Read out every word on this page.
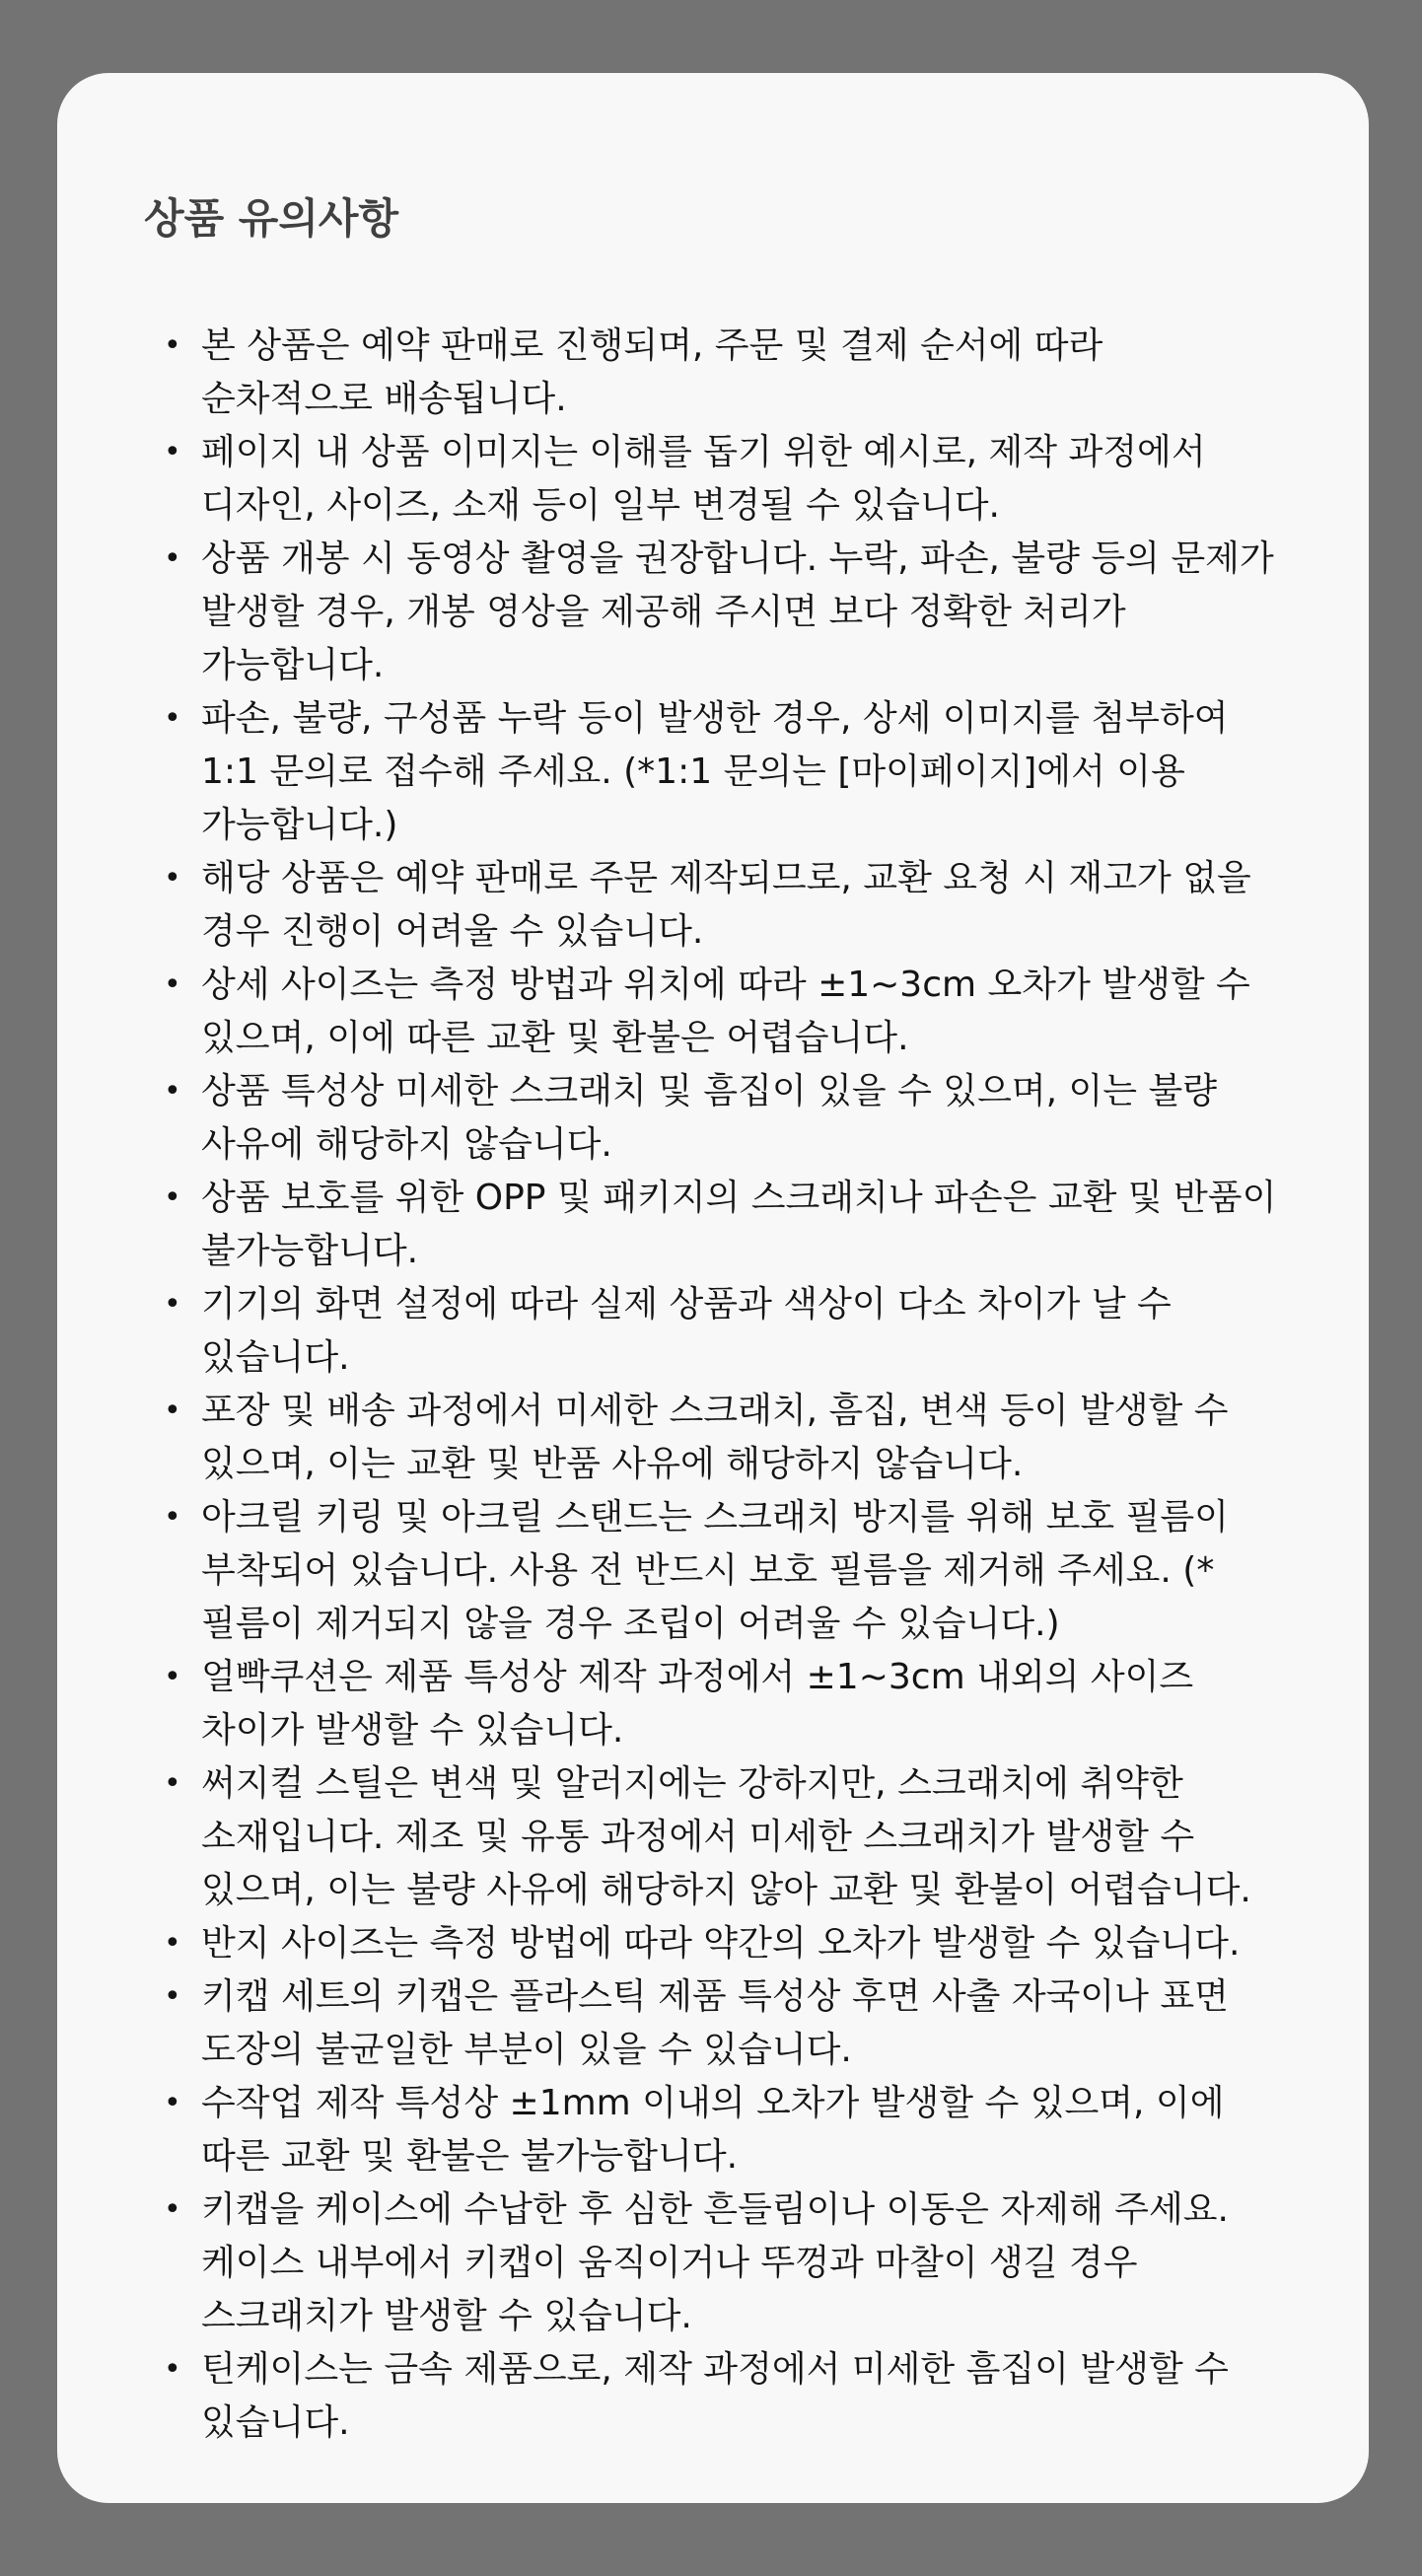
상품 유의사항
• 본 상품은 예약 판매로 진행되며, 주문 및 결제 순서에 따라 순차적으로 배송됩니다.
• 페이지 내 상품 이미지는 이해를 돕기 위한 예시로, 제작 과정에서 디자인, 사이즈, 소재 등이 일부 변경될 수 있습니다.
• 상품 개봉 시 동영상 촬영을 권장합니다. 누락, 파손, 불량 등의 문제가 발생할 경우, 개봉 영상을 제공해 주시면 보다 정확한 처리가 가능합니다.
• 파손, 불량, 구성품 누락 등이 발생한 경우, 상세 이미지를 첨부하여 1:1 문의로 접수해 주세요. (*1:1 문의는 [마이페이지]에서 이용 가능합니다.)
• 해당 상품은 예약 판매로 주문 제작되므로, 교환 요청 시 재고가 없을 경우 진행이 어려울 수 있습니다.
• 상세 사이즈는 측정 방법과 위치에 따라 ±1~3cm 오차가 발생할 수 있으며, 이에 따른 교환 및 환불은 어렵습니다.
• 상품 특성상 미세한 스크래치 및 흠집이 있을 수 있으며, 이는 불량 사유에 해당하지 않습니다.
• 상품 보호를 위한 OPP 및 패키지의 스크래치나 파손은 교환 및 반품이 불가능합니다.
• 기기의 화면 설정에 따라 실제 상품과 색상이 다소 차이가 날 수 있습니다.
• 포장 및 배송 과정에서 미세한 스크래치, 흠집, 변색 등이 발생할 수 있으며, 이는 교환 및 반품 사유에 해당하지 않습니다.
• 아크릴 키링 및 아크릴 스탠드는 스크래치 방지를 위해 보호 필름이 부착되어 있습니다. 사용 전 반드시 보호 필름을 제거해 주세요. (*필름이 제거되지 않을 경우 조립이 어려울 수 있습니다.)
• 얼빡쿠션은 제품 특성상 제작 과정에서 ±1~3cm 내외의 사이즈 차이가 발생할 수 있습니다.
• 써지컬 스틸은 변색 및 알러지에는 강하지만, 스크래치에 취약한 소재입니다. 제조 및 유통 과정에서 미세한 스크래치가 발생할 수 있으며, 이는 불량 사유에 해당하지 않아 교환 및 환불이 어렵습니다.
• 반지 사이즈는 측정 방법에 따라 약간의 오차가 발생할 수 있습니다.
• 키캡 세트의 키캡은 플라스틱 제품 특성상 후면 사출 자국이나 표면 도장의 불균일한 부분이 있을 수 있습니다.
• 수작업 제작 특성상 ±1mm 이내의 오차가 발생할 수 있으며, 이에 따른 교환 및 환불은 불가능합니다.
• 키캡을 케이스에 수납한 후 심한 흔들림이나 이동은 자제해 주세요. 케이스 내부에서 키캡이 움직이거나 뚜껑과 마찰이 생길 경우 스크래치가 발생할 수 있습니다.
• 틴케이스는 금속 제품으로, 제작 과정에서 미세한 흠집이 발생할 수 있습니다.
